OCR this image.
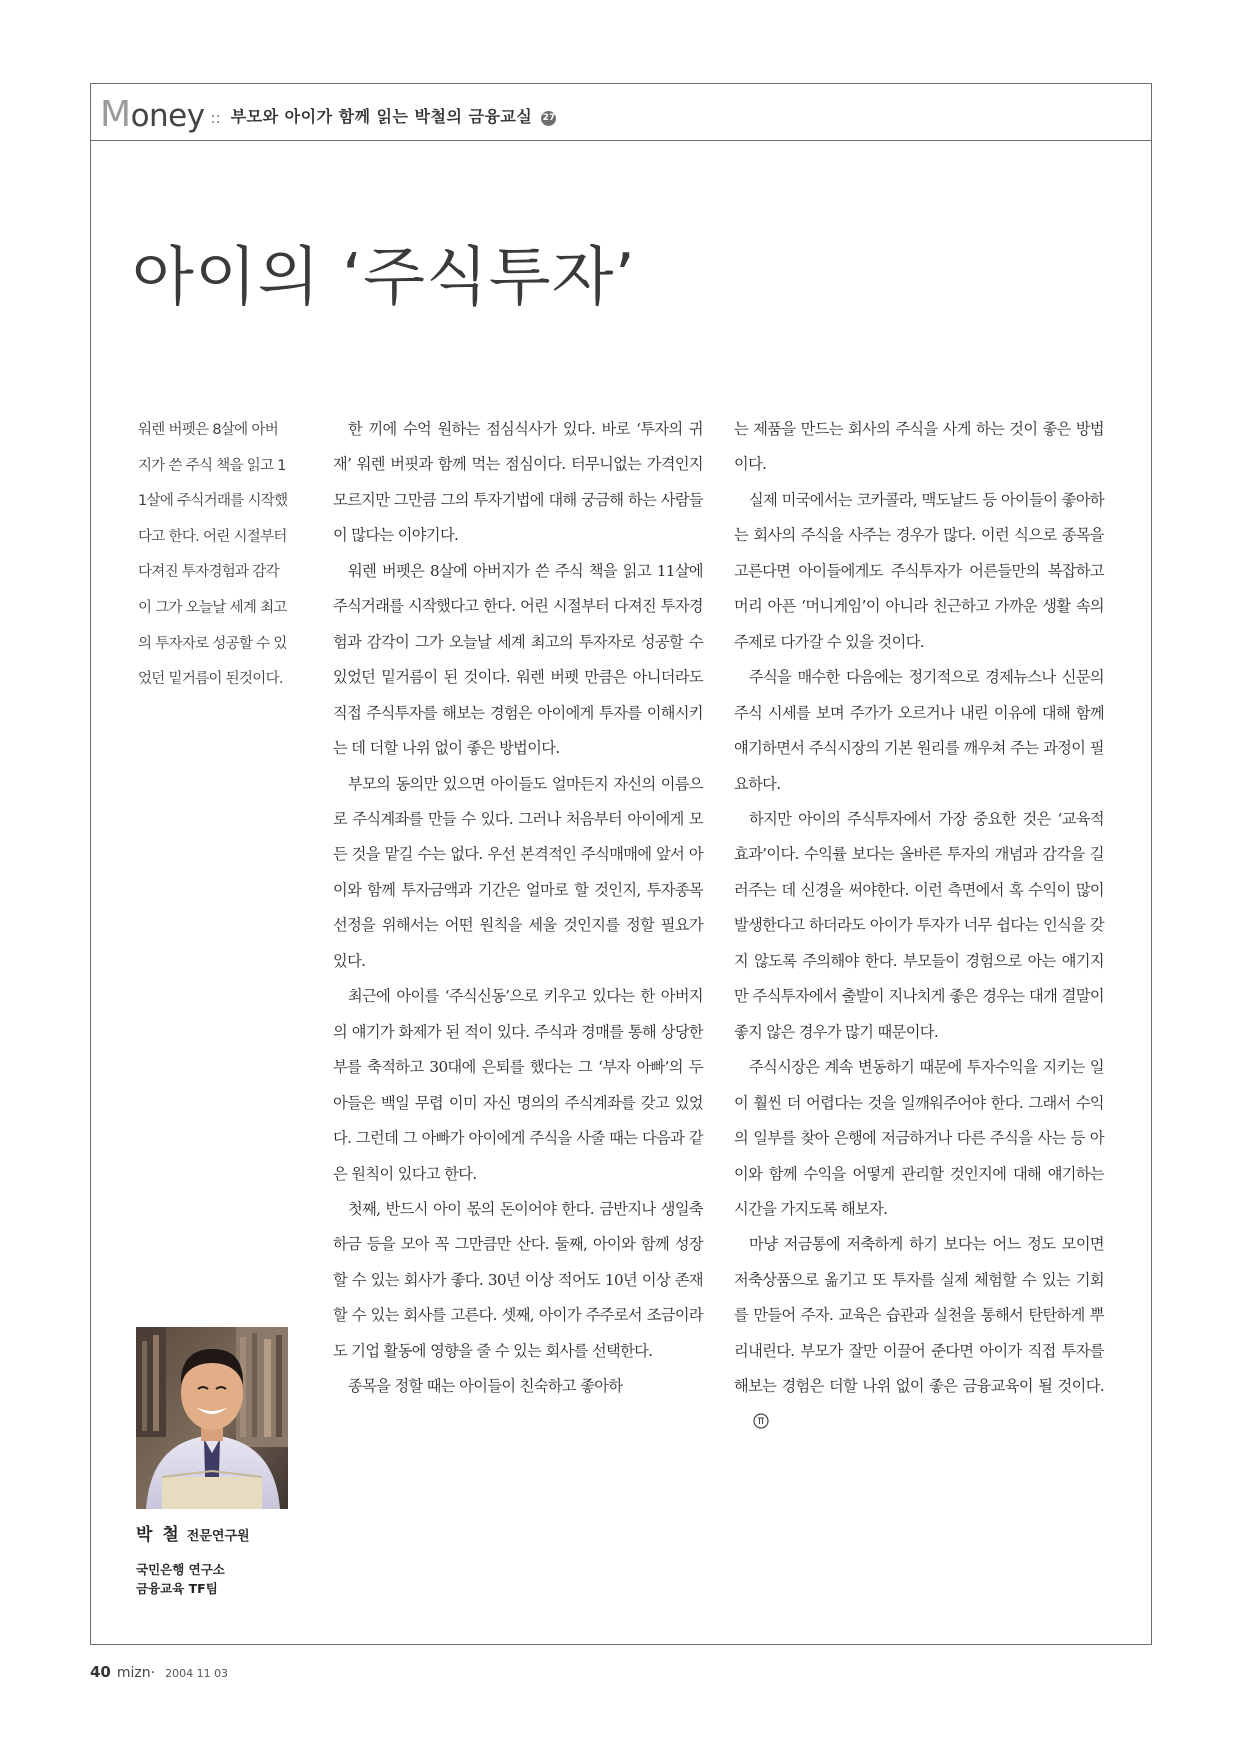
Money :: 부모와 아이가 함께 읽는 박철의 금융교실 27
아이의 ‘주식투자’

워렌 버펫은 8살에 아버지가 쓴 주식 책을 읽고 11살에 주식거래를 시작했다고 한다. 어린 시절부터 다져진 투자경험과 감각이 그가 오늘날 세계 최고의 투자자로 성공할 수 있었던 밑거름이 된것이다.

박 철 전문연구원
국민은행 연구소
금융교육 TF팀

한 끼에 수억 원하는 점심식사가 있다. 바로 ‘투자의 귀재’ 워렌 버핏과 함께 먹는 점심이다. 터무니없는 가격인지 모르지만 그만큼 그의 투자기법에 대해 궁금해 하는 사람들이 많다는 이야기다.

워렌 버펫은 8살에 아버지가 쓴 주식 책을 읽고 11살에 주식거래를 시작했다고 한다. 어린 시절부터 다져진 투자경험과 감각이 그가 오늘날 세계 최고의 투자자로 성공할 수 있었던 밑거름이 된 것이다. 워렌 버펫 만큼은 아니더라도 직접 주식투자를 해보는 경험은 아이에게 투자를 이해시키는 데 더할 나위 없이 좋은 방법이다.

부모의 동의만 있으면 아이들도 얼마든지 자신의 이름으로 주식계좌를 만들 수 있다. 그러나 처음부터 아이에게 모든 것을 맡길 수는 없다. 우선 본격적인 주식매매에 앞서 아이와 함께 투자금액과 기간은 얼마로 할 것인지, 투자종목 선정을 위해서는 어떤 원칙을 세울 것인지를 정할 필요가 있다.

최근에 아이를 ‘주식신동’으로 키우고 있다는 한 아버지의 얘기가 화제가 된 적이 있다. 주식과 경매를 통해 상당한 부를 축적하고 30대에 은퇴를 했다는 그 ‘부자 아빠’의 두 아들은 백일 무렵 이미 자신 명의의 주식계좌를 갖고 있었다. 그런데 그 아빠가 아이에게 주식을 사줄 때는 다음과 같은 원칙이 있다고 한다.

첫째, 반드시 아이 몫의 돈이어야 한다. 금반지나 생일축하금 등을 모아 꼭 그만큼만 산다. 둘째, 아이와 함께 성장할 수 있는 회사가 좋다. 30년 이상 적어도 10년 이상 존재할 수 있는 회사를 고른다. 셋째, 아이가 주주로서 조금이라도 기업 활동에 영향을 줄 수 있는 회사를 선택한다.

종목을 정할 때는 아이들이 친숙하고 좋아하

는 제품을 만드는 회사의 주식을 사게 하는 것이 좋은 방법이다.

실제 미국에서는 코카콜라, 맥도날드 등 아이들이 좋아하는 회사의 주식을 사주는 경우가 많다. 이런 식으로 종목을 고른다면 아이들에게도 주식투자가 어른들만의 복잡하고 머리 아픈 ‘머니게임’이 아니라 친근하고 가까운 생활 속의 주제로 다가갈 수 있을 것이다.

주식을 매수한 다음에는 정기적으로 경제뉴스나 신문의 주식 시세를 보며 주가가 오르거나 내린 이유에 대해 함께 얘기하면서 주식시장의 기본 원리를 깨우쳐 주는 과정이 필요하다.

하지만 아이의 주식투자에서 가장 중요한 것은 ‘교육적 효과’이다. 수익률 보다는 올바른 투자의 개념과 감각을 길러주는 데 신경을 써야한다. 이런 측면에서 혹 수익이 많이 발생한다고 하더라도 아이가 투자가 너무 쉽다는 인식을 갖지 않도록 주의해야 한다. 부모들이 경험으로 아는 얘기지만 주식투자에서 출발이 지나치게 좋은 경우는 대개 결말이 좋지 않은 경우가 많기 때문이다.

주식시장은 계속 변동하기 때문에 투자수익을 지키는 일이 훨씬 더 어렵다는 것을 일깨워주어야 한다. 그래서 수익의 일부를 찾아 은행에 저금하거나 다른 주식을 사는 등 아이와 함께 수익을 어떻게 관리할 것인지에 대해 얘기하는 시간을 가지도록 해보자.

마냥 저금통에 저축하게 하기 보다는 어느 정도 모이면 저축상품으로 옮기고 또 투자를 실제 체험할 수 있는 기회를 만들어 주자. 교육은 습관과 실천을 통해서 탄탄하게 뿌리내린다. 부모가 잘만 이끌어 준다면 아이가 직접 투자를 해보는 경험은 더할 나위 없이 좋은 금융교육이 될 것이다.

40 mizn· 2004 11 03
